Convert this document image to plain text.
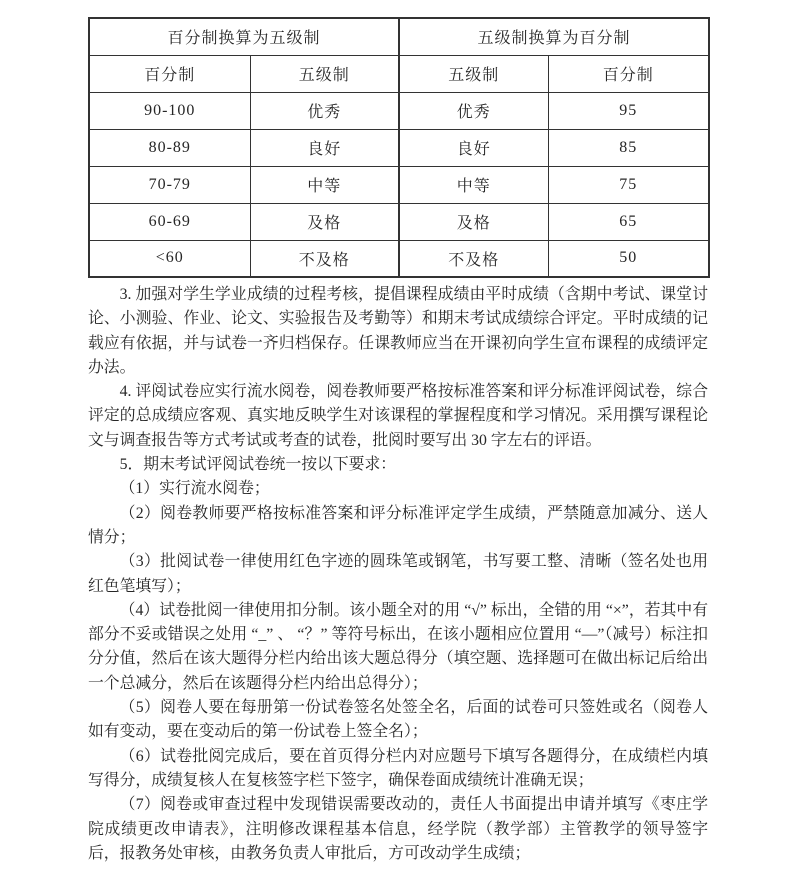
百分制换算为五级制		五级制换算为百分制	
百分制	五级制	五级制	百分制
90-100	优秀	优秀	95
80-89	良好	良好	85
70-79	中等	中等	75
60-69	及格	及格	65
<60	不及格	不及格	50

3. 加强对学生学业成绩的过程考核，提倡课程成绩由平时成绩（含期中考试、课堂讨论、小测验、作业、论文、实验报告及考勤等）和期末考试成绩综合评定。平时成绩的记载应有依据，并与试卷一齐归档保存。任课教师应当在开课初向学生宣布课程的成绩评定办法。

4. 评阅试卷应实行流水阅卷，阅卷教师要严格按标准答案和评分标准评阅试卷，综合评定的总成绩应客观、真实地反映学生对该课程的掌握程度和学习情况。采用撰写课程论文与调查报告等方式考试或考查的试卷，批阅时要写出 30 字左右的评语。

5．期末考试评阅试卷统一按以下要求：

（1）实行流水阅卷；

（2）阅卷教师要严格按标准答案和评分标准评定学生成绩，严禁随意加减分、送人情分；

（3）批阅试卷一律使用红色字迹的圆珠笔或钢笔，书写要工整、清晰（签名处也用红色笔填写）；

（4）试卷批阅一律使用扣分制。该小题全对的用 “√” 标出，全错的用 “×”，若其中有部分不妥或错误之处用 “_” 、 “？” 等符号标出，在该小题相应位置用 “—”（减号）标注扣分分值，然后在该大题得分栏内给出该大题总得分（填空题、选择题可在做出标记后给出一个总减分，然后在该题得分栏内给出总得分）；

（5）阅卷人要在每册第一份试卷签名处签全名，后面的试卷可只签姓或名（阅卷人如有变动，要在变动后的第一份试卷上签全名）；

（6）试卷批阅完成后，要在首页得分栏内对应题号下填写各题得分，在成绩栏内填写得分，成绩复核人在复核签字栏下签字，确保卷面成绩统计准确无误；

（7）阅卷或审查过程中发现错误需要改动的，责任人书面提出申请并填写《枣庄学院成绩更改申请表》，注明修改课程基本信息，经学院（教学部）主管教学的领导签字后，报教务处审核，由教务负责人审批后，方可改动学生成绩；
